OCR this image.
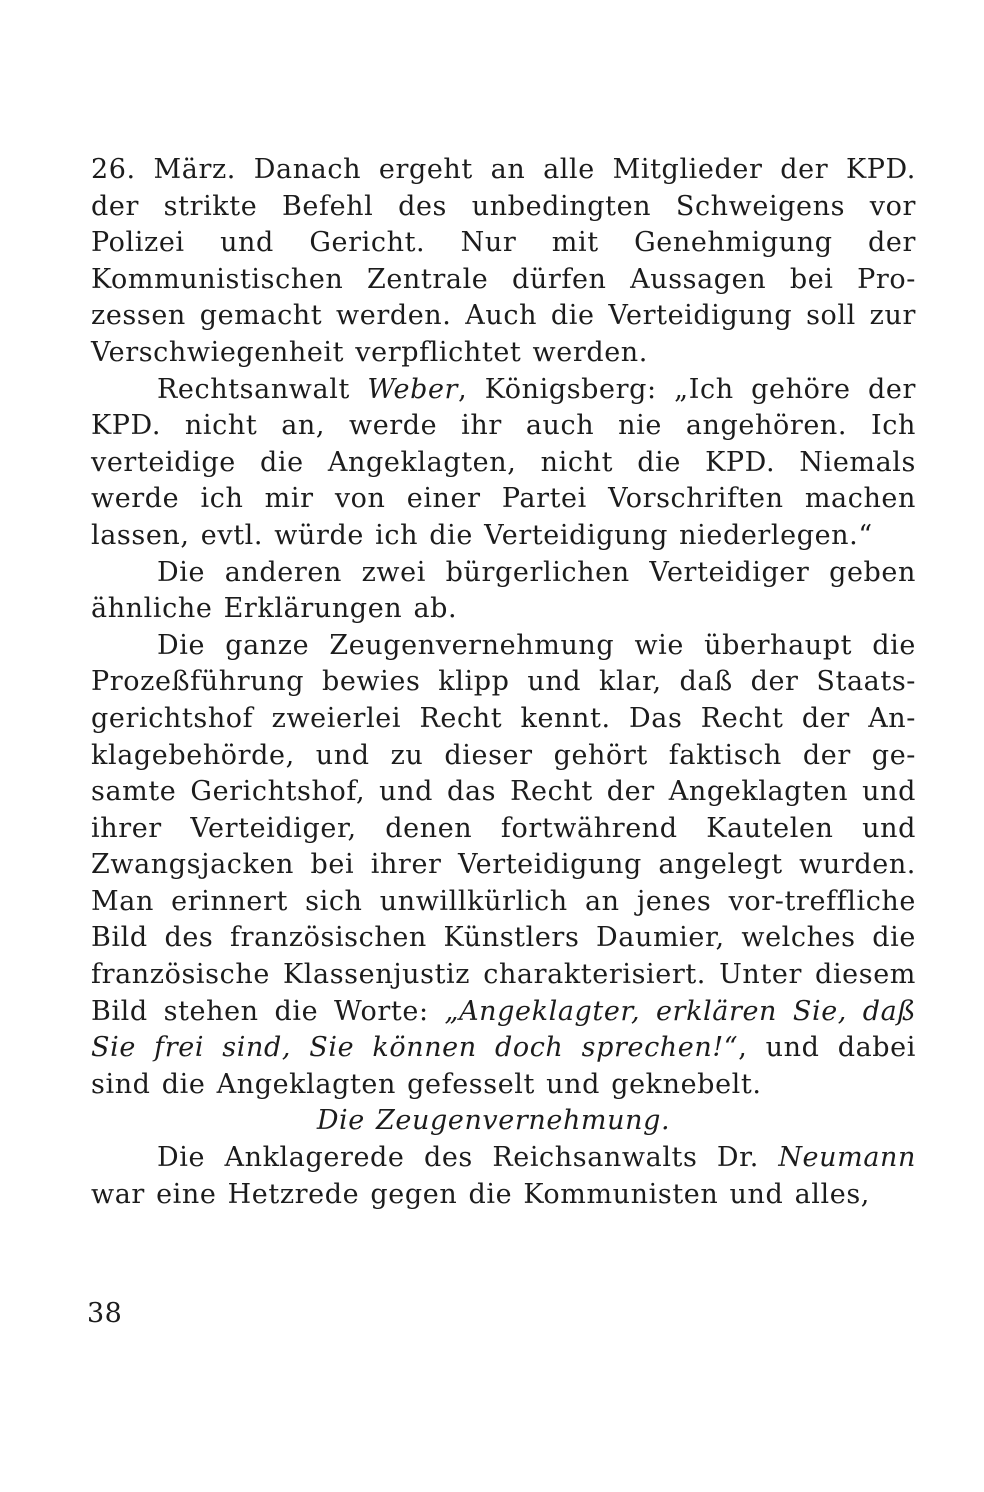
26. März. Danach ergeht an alle Mitglieder der KPD. der strikte Befehl des unbedingten Schweigens vor Polizei und Gericht. Nur mit Genehmigung der Kommunistischen Zentrale dürfen Aussagen bei Pro-zessen gemacht werden. Auch die Verteidigung soll zur Verschwiegenheit verpflichtet werden.

Rechtsanwalt Weber, Königsberg: „Ich gehöre der KPD. nicht an, werde ihr auch nie angehören. Ich verteidige die Angeklagten, nicht die KPD. Niemals werde ich mir von einer Partei Vorschriften machen lassen, evtl. würde ich die Verteidigung niederlegen.“

Die anderen zwei bürgerlichen Verteidiger geben ähnliche Erklärungen ab.

Die ganze Zeugenvernehmung wie überhaupt die Prozeßführung bewies klipp und klar, daß der Staats-gerichtshof zweierlei Recht kennt. Das Recht der An-klagebehörde, und zu dieser gehört faktisch der ge-samte Gerichtshof, und das Recht der Angeklagten und ihrer Verteidiger, denen fortwährend Kautelen und Zwangsjacken bei ihrer Verteidigung angelegt wurden. Man erinnert sich unwillkürlich an jenes vor-treffliche Bild des französischen Künstlers Daumier, welches die französische Klassenjustiz charakterisiert. Unter diesem Bild stehen die Worte: „Angeklagter, erklären Sie, daß Sie frei sind, Sie können doch sprechen!“, und dabei sind die Angeklagten gefesselt und geknebelt.

Die Zeugenvernehmung.

Die Anklagerede des Reichsanwalts Dr. Neumann war eine Hetzrede gegen die Kommunisten und alles,

38
